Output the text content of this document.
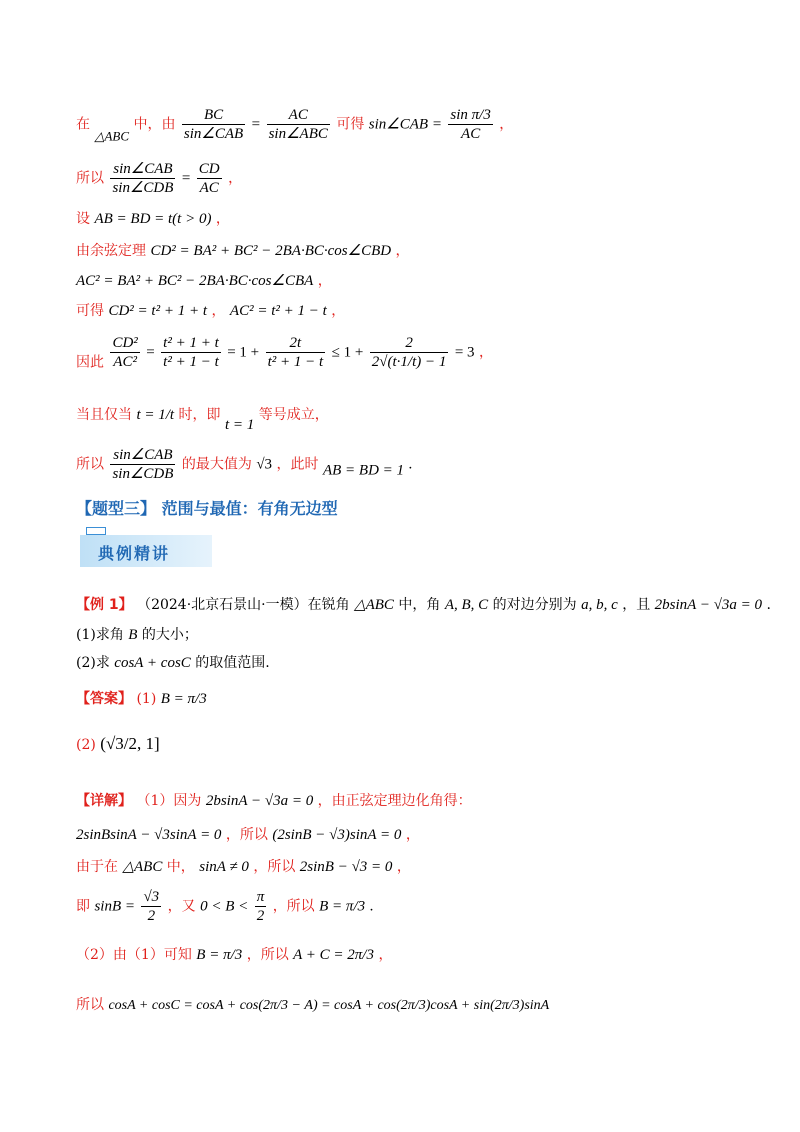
在 △ABC 中，由 $\frac{BC}{\text{sin∠CAB}} = \frac{AC}{\text{sin∠ABC}}$ 可得 sin∠CAB = $\frac{\text{sin π/3}}{AC}$ ，
所以 $\frac{\text{sin∠CAB}}{\text{sin∠CDB}} = \frac{CD}{AC}$ ，
设 AB = BD = t(t > 0) ，
由余弦定理 CD² = BA² + BC² − 2BA·BC·cos∠CBD ，
AC² = BA² + BC² − 2BA·BC·cos∠CBA ，
可得 CD² = t² + 1 + t ， AC² = t² + 1 − t ，
因此 $\frac{\text{CD²}}{\text{AC²}} = \frac{\text{t² + 1 + t}}{\text{t² + 1 − t}} = 1 + \frac{2t}{\text{t² + 1 − t}} \le 1 + \frac{2}{2√(t\cdot 1/t) - 1} = 3$ ，
当且仅当 t = 1/t 时，即 t = 1 等号成立，
所以 $\frac{\text{sin∠CAB}}{\text{sin∠CDB}}$ 的最大值为 √3 ，此时 AB = BD = 1 .
【题型三】 范围与最值：有角无边型
典例精讲
【例 1】 （2024·北京石景山·一模）在锐角 △ABC 中，角 A, B, C 的对边分别为 a, b, c ，且 2bsinA − √3a = 0 .
(1)求角 B 的大小；
(2)求 cosA + cosC 的取值范围.
【答案】 (1) B = π/3
(2) (√3/2, 1]
【详解】 （1）因为 2bsinA − √3a = 0 ，由正弦定理边化角得：
2sinBsinA − √3sinA = 0 ，所以 (2sinB − √3)sinA = 0 ，
由于在 △ABC 中， sinA ≠ 0 ，所以 2sinB − √3 = 0 ，
即 $\sin B = \frac{√3}{2}$ ，又 $0 < B < \frac{\pi}{2}$ ，所以 B = π/3 .
（2）由（1）可知 B = π/3 ，所以 A + C = 2π/3 ，
所以 cosA + cosC = cosA + cos(2π/3 − A) = cosA + cos(2π/3)cosA + sin(2π/3)sinA
